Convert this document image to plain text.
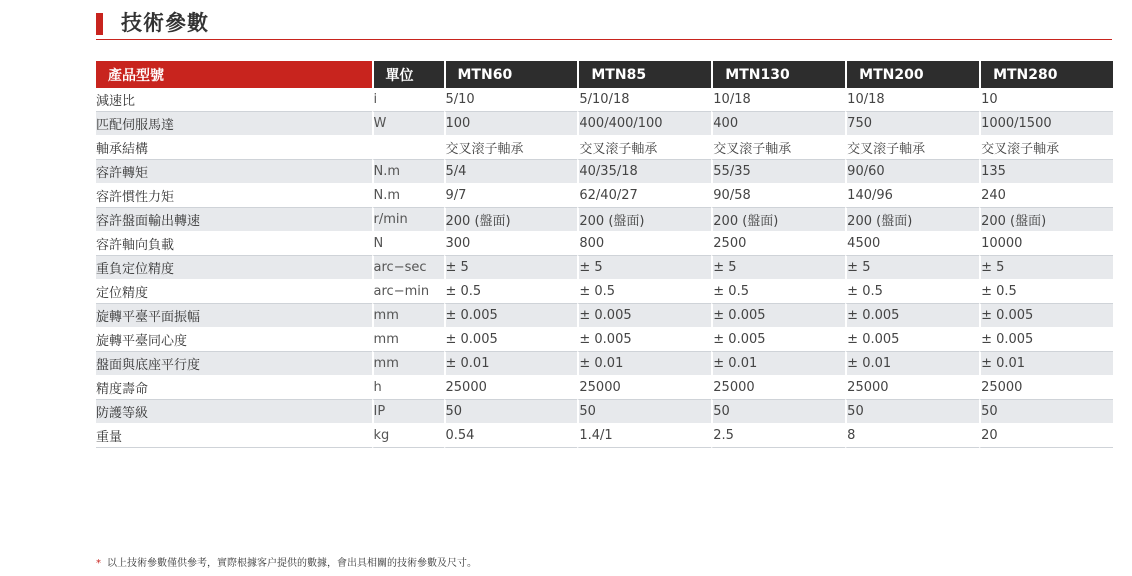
技術參數
產品型號	單位	MTN60	MTN85	MTN130	MTN200	MTN280
減速比	i	5/10	5/10/18	10/18	10/18	10
匹配伺服馬達	W	100	400/400/100	400	750	1000/1500
軸承結構		交叉滚子軸承	交叉滚子軸承	交叉滚子軸承	交叉滚子軸承	交叉滚子軸承
容許轉矩	N.m	5/4	40/35/18	55/35	90/60	135
容許慣性力矩	N.m	9/7	62/40/27	90/58	140/96	240
容許盤面輸出轉速	r/min	200 (盤面)	200 (盤面)	200 (盤面)	200 (盤面)	200 (盤面)
容許軸向負載	N	300	800	2500	4500	10000
重負定位精度	arc−sec	± 5	± 5	± 5	± 5	± 5
定位精度	arc−min	± 0.5	± 0.5	± 0.5	± 0.5	± 0.5
旋轉平臺平面振幅	mm	± 0.005	± 0.005	± 0.005	± 0.005	± 0.005
旋轉平臺同心度	mm	± 0.005	± 0.005	± 0.005	± 0.005	± 0.005
盤面與底座平行度	mm	± 0.01	± 0.01	± 0.01	± 0.01	± 0.01
精度壽命	h	25000	25000	25000	25000	25000
防護等級	IP	50	50	50	50	50
重量	kg	0.54	1.4/1	2.5	8	20
* 以上技術參數僅供參考，實際根據客户提供的數據，會出具相關的技術參數及尺寸。
